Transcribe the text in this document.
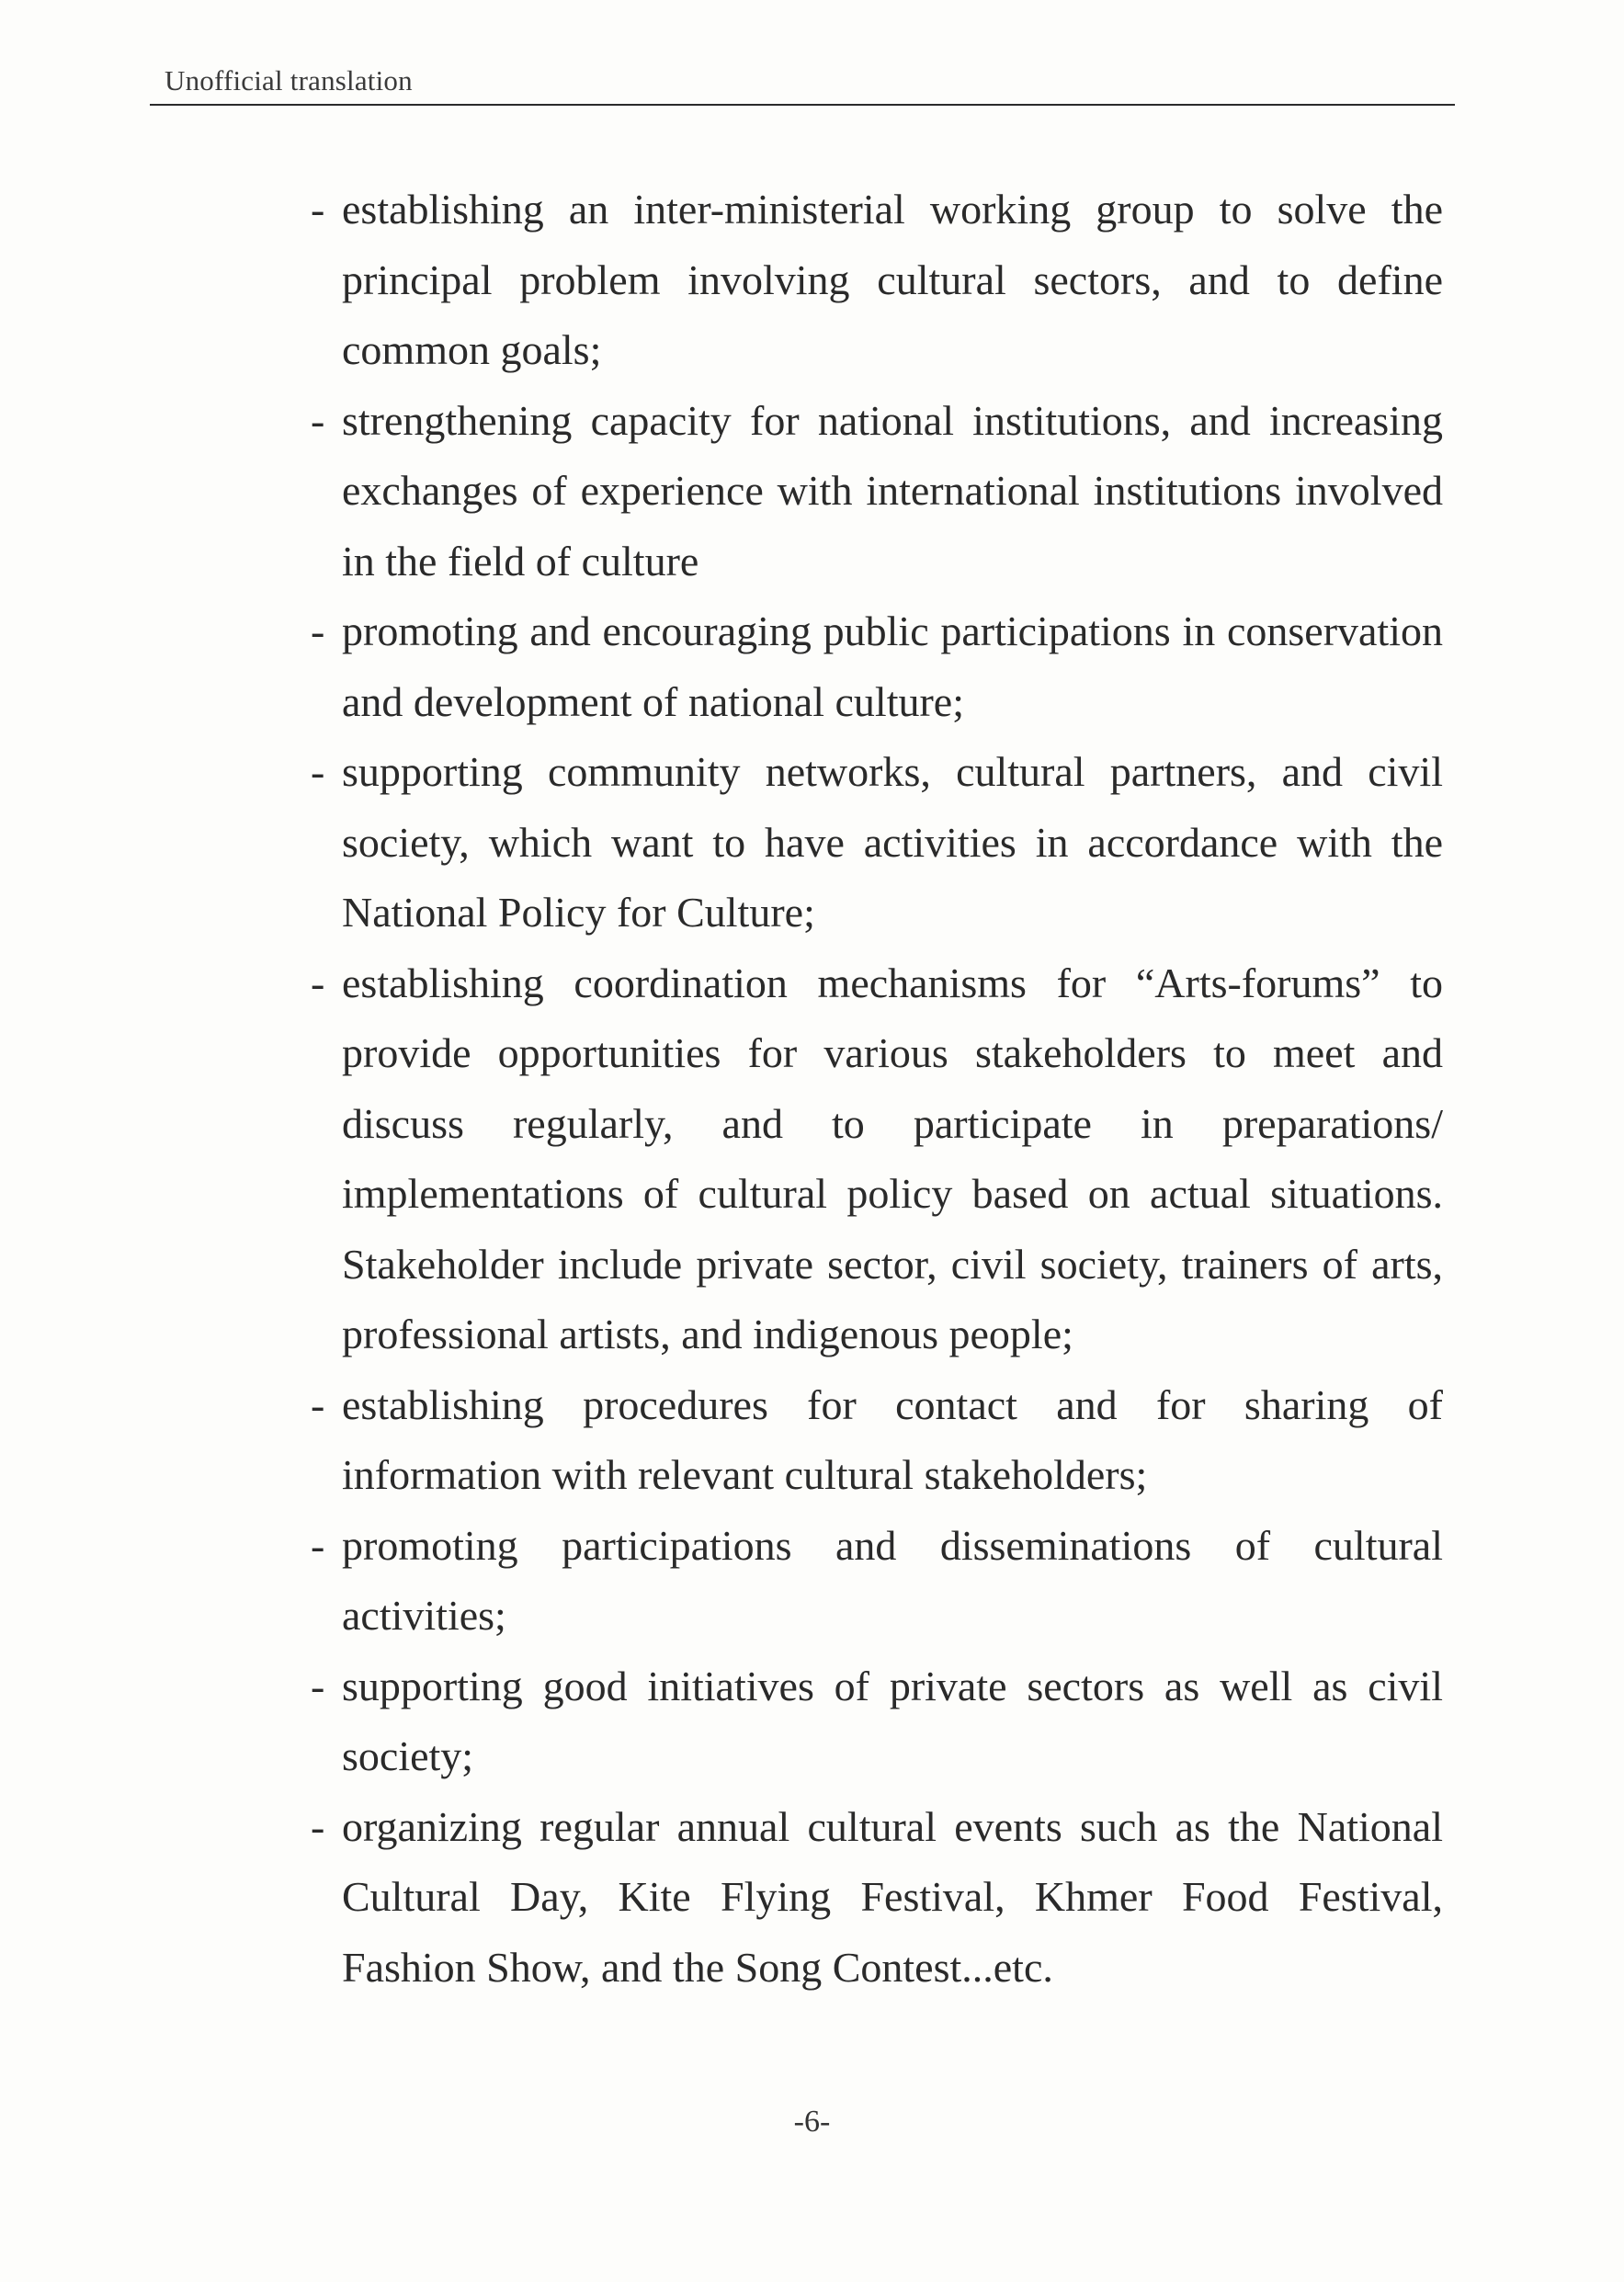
Unofficial translation
- establishing an inter-ministerial working group to solve the principal problem involving cultural sectors, and to define common goals;
- strengthening capacity for national institutions, and increasing exchanges of experience with international institutions involved in the field of culture
- promoting and encouraging public participations in conservation and development of national culture;
- supporting community networks, cultural partners, and civil society, which want to have activities in accordance with the National Policy for Culture;
- establishing coordination mechanisms for “Arts-forums” to provide opportunities for various stakeholders to meet and discuss regularly, and to participate in preparations/ implementations of cultural policy based on actual situations. Stakeholder include private sector, civil society, trainers of arts, professional artists, and indigenous people;
- establishing procedures for contact and for sharing of information with relevant cultural stakeholders;
- promoting participations and disseminations of cultural activities;
- supporting good initiatives of private sectors as well as civil society;
- organizing regular annual cultural events such as the National Cultural Day, Kite Flying Festival, Khmer Food Festival, Fashion Show, and the Song Contest...etc.
-6-
